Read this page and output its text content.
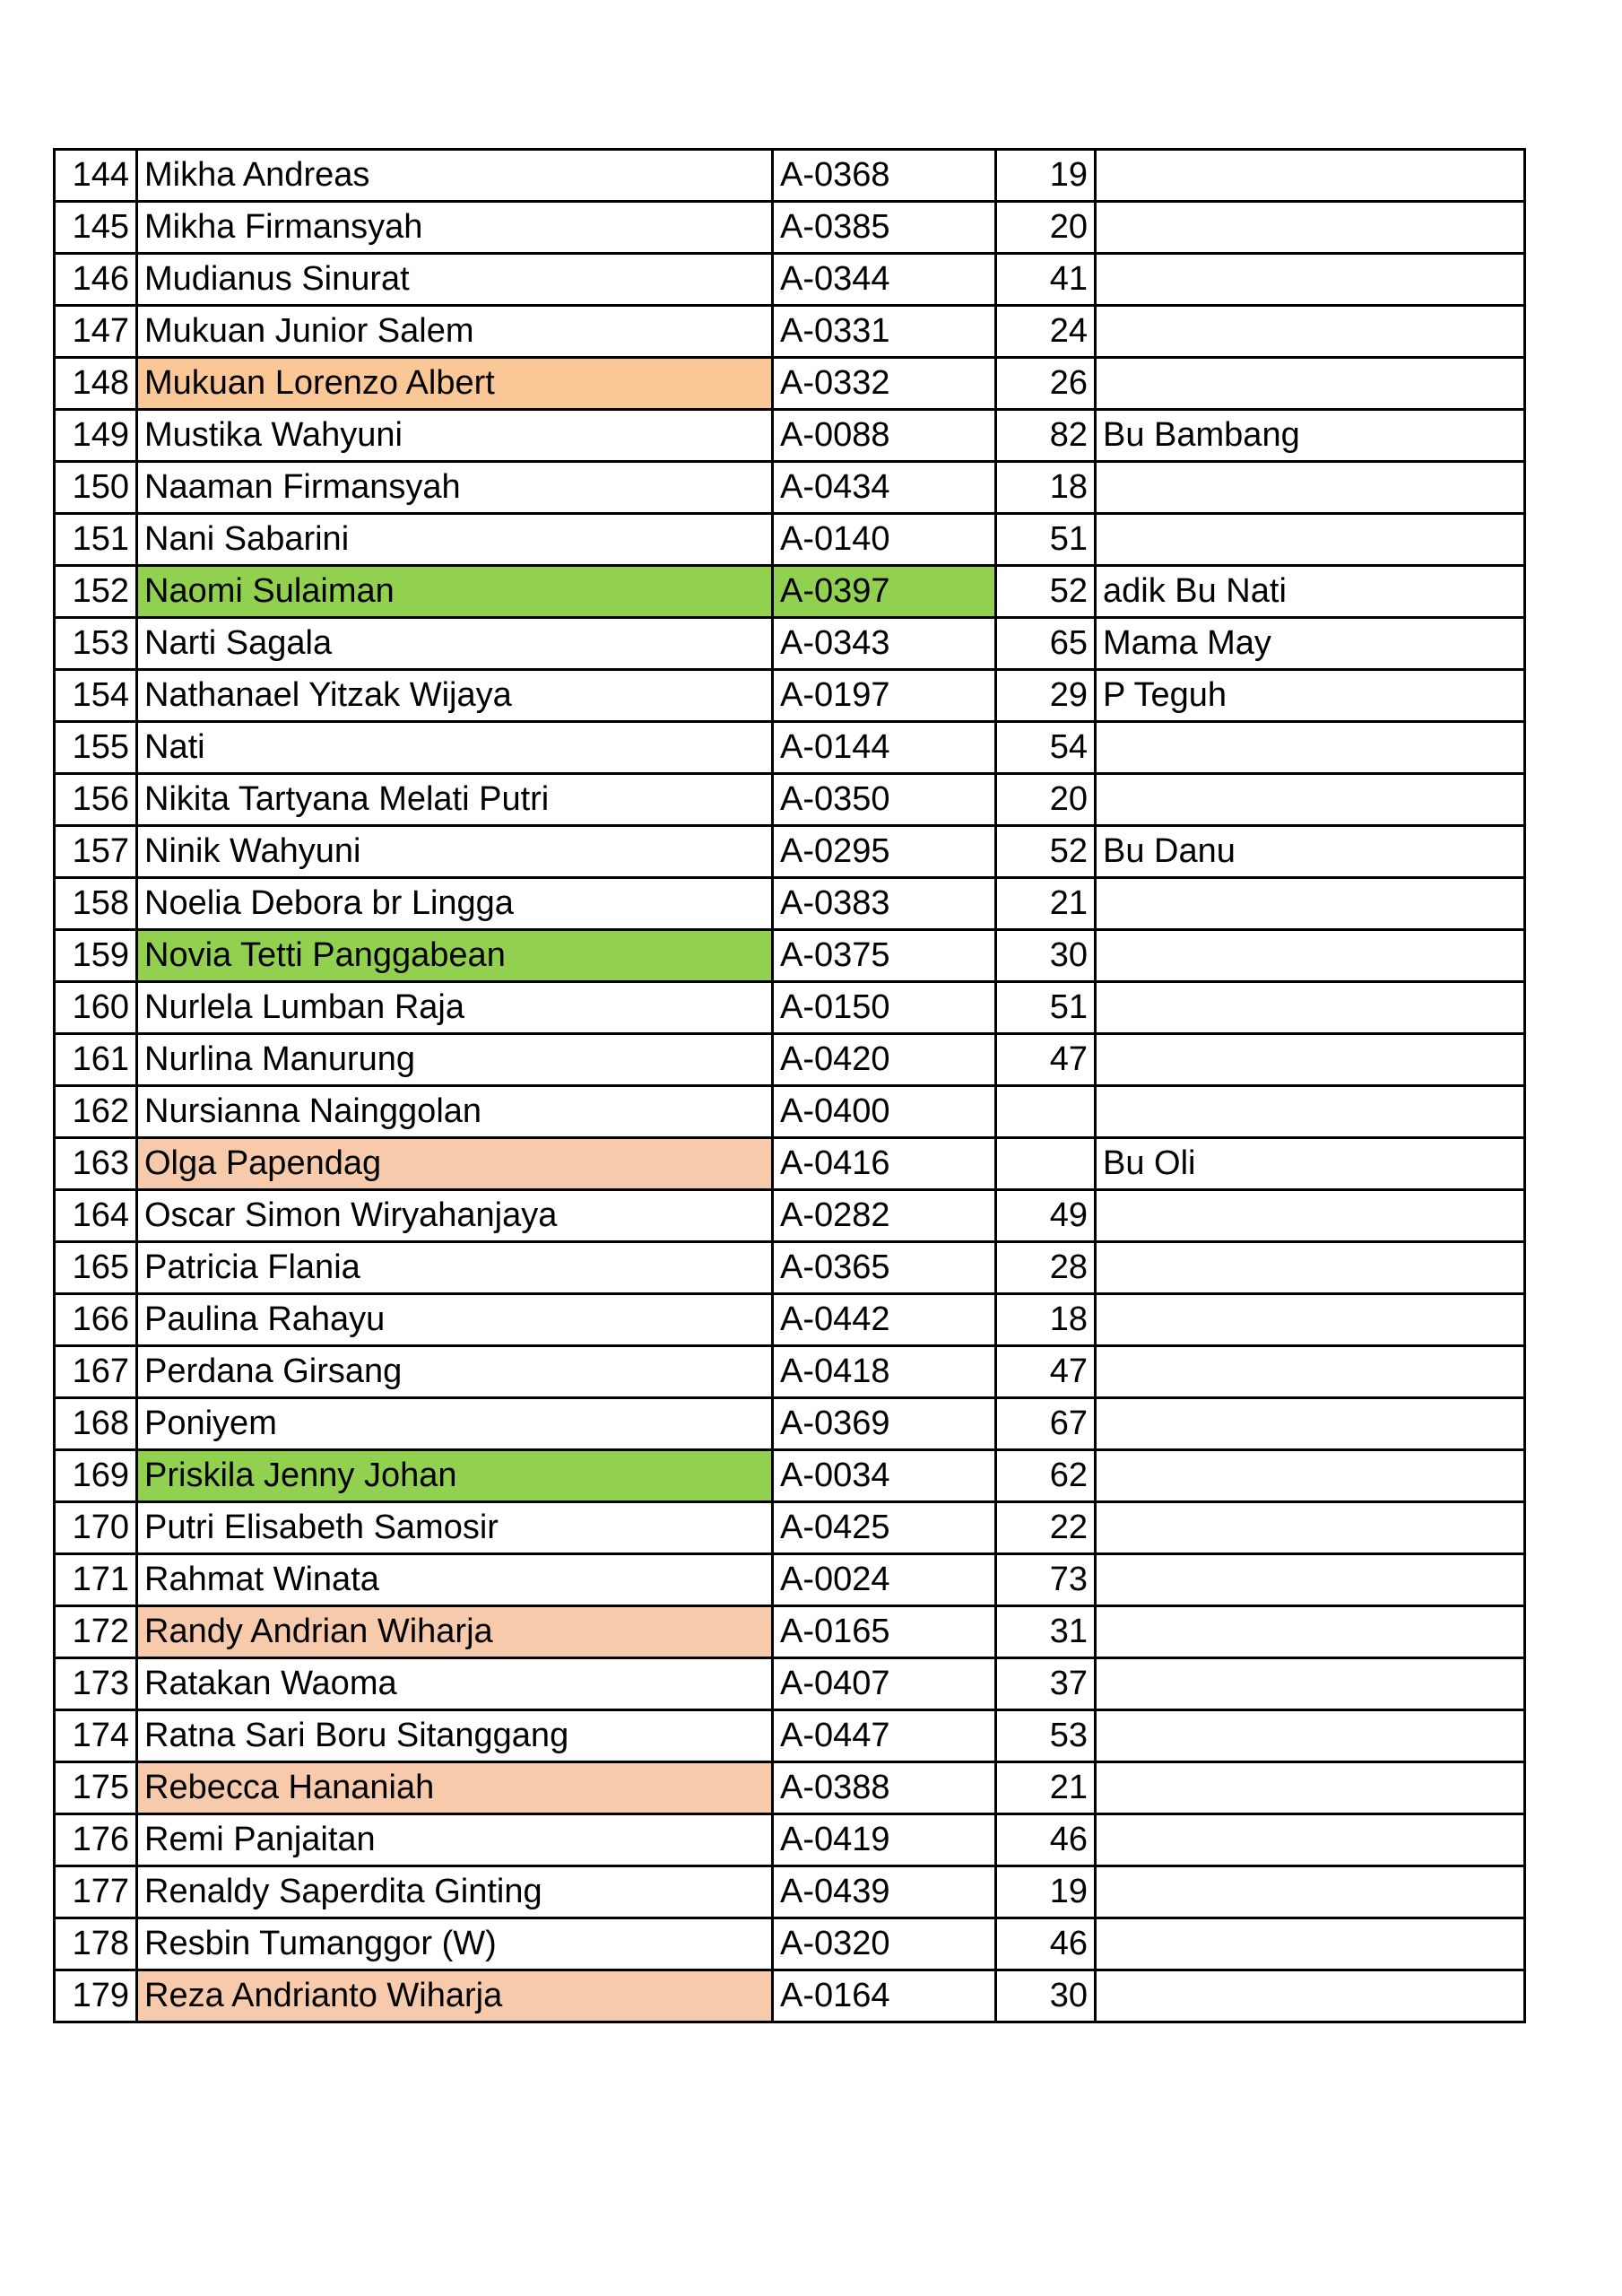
144	Mikha Andreas	A-0368	19	
145	Mikha Firmansyah	A-0385	20	
146	Mudianus Sinurat	A-0344	41	
147	Mukuan Junior Salem	A-0331	24	
148	Mukuan Lorenzo Albert	A-0332	26	
149	Mustika Wahyuni	A-0088	82	Bu Bambang
150	Naaman Firmansyah	A-0434	18	
151	Nani Sabarini	A-0140	51	
152	Naomi Sulaiman	A-0397	52	adik Bu Nati
153	Narti Sagala	A-0343	65	Mama May
154	Nathanael Yitzak Wijaya	A-0197	29	P Teguh
155	Nati	A-0144	54	
156	Nikita Tartyana Melati Putri	A-0350	20	
157	Ninik Wahyuni	A-0295	52	Bu Danu
158	Noelia Debora br Lingga	A-0383	21	
159	Novia Tetti Panggabean	A-0375	30	
160	Nurlela Lumban Raja	A-0150	51	
161	Nurlina Manurung	A-0420	47	
162	Nursianna Nainggolan	A-0400		
163	Olga Papendag	A-0416		Bu Oli
164	Oscar Simon Wiryahanjaya	A-0282	49	
165	Patricia Flania	A-0365	28	
166	Paulina Rahayu	A-0442	18	
167	Perdana Girsang	A-0418	47	
168	Poniyem	A-0369	67	
169	Priskila Jenny Johan	A-0034	62	
170	Putri Elisabeth Samosir	A-0425	22	
171	Rahmat Winata	A-0024	73	
172	Randy Andrian Wiharja	A-0165	31	
173	Ratakan Waoma	A-0407	37	
174	Ratna Sari Boru Sitanggang	A-0447	53	
175	Rebecca Hananiah	A-0388	21	
176	Remi Panjaitan	A-0419	46	
177	Renaldy Saperdita Ginting	A-0439	19	
178	Resbin Tumanggor (W)	A-0320	46	
179	Reza Andrianto Wiharja	A-0164	30	
